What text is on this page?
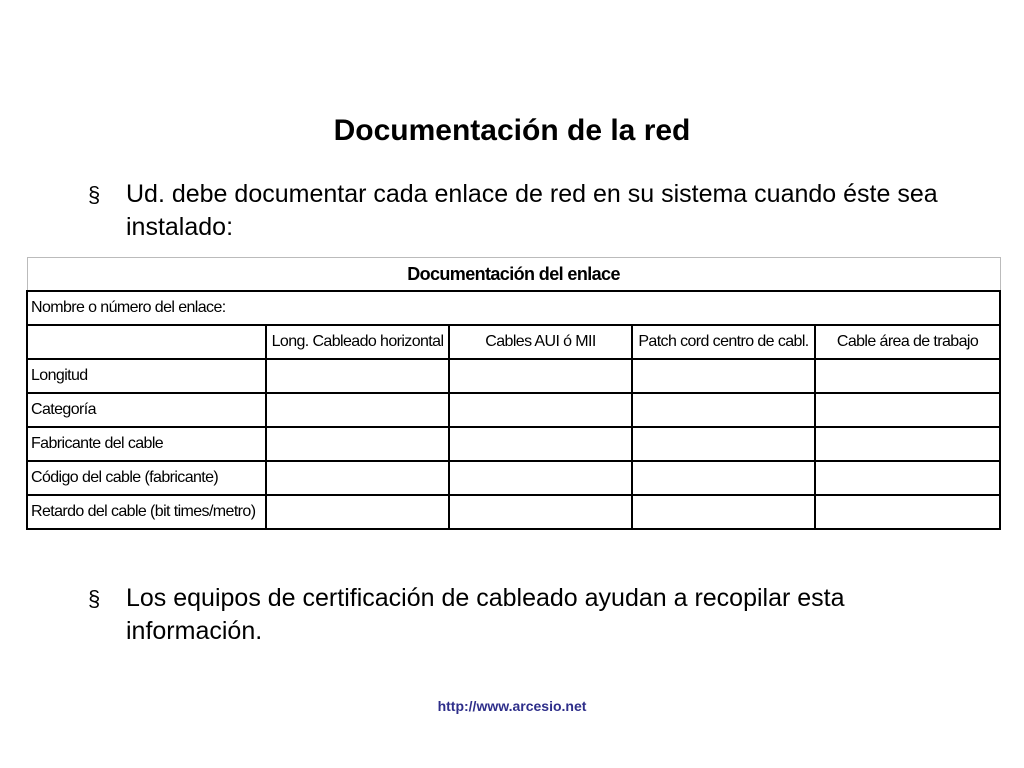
Documentación de la red
§ Ud. debe documentar cada enlace de red en su sistema cuando éste sea instalado:
Documentación del enlace				
Nombre o número del enlace:				
	Long. Cableado horizontal	Cables AUI ó MII	Patch cord centro de cabl.	Cable área de trabajo
Longitud				
Categoría				
Fabricante del cable				
Código del cable (fabricante)				
Retardo del cable (bit times/metro)				
§ Los equipos de certificación de cableado ayudan a recopilar esta información.
http://www.arcesio.net
